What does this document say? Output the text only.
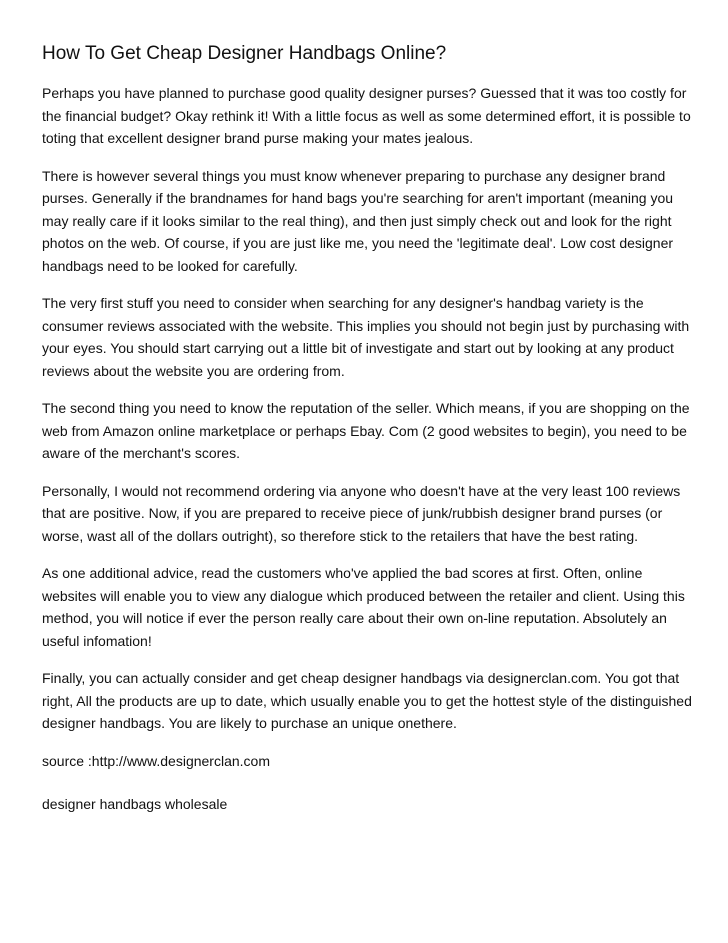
How To Get Cheap Designer Handbags Online?

Perhaps you have planned to purchase good quality designer purses? Guessed that it was too costly for the financial budget? Okay rethink it! With a little focus as well as some determined effort, it is possible to toting that excellent designer brand purse making your mates jealous.

There is however several things you must know whenever preparing to purchase any designer brand purses. Generally if the brandnames for hand bags you're searching for aren't important (meaning you may really care if it looks similar to the real thing), and then just simply check out and look for the right photos on the web. Of course, if you are just like me, you need the 'legitimate deal'. Low cost designer handbags need to be looked for carefully.

The very first stuff you need to consider when searching for any designer's handbag variety is the consumer reviews associated with the website. This implies you should not begin just by purchasing with your eyes. You should start carrying out a little bit of investigate and start out by looking at any product reviews about the website you are ordering from.

The second thing you need to know the reputation of the seller. Which means, if you are shopping on the web from Amazon online marketplace or perhaps Ebay. Com (2 good websites to begin), you need to be aware of the merchant's scores.

Personally, I would not recommend ordering via anyone who doesn't have at the very least 100 reviews that are positive. Now, if you are prepared to receive piece of junk/rubbish designer brand purses (or worse, wast all of the dollars outright), so therefore stick to the retailers that have the best rating.

As one additional advice, read the customers who've applied the bad scores at first. Often, online websites will enable you to view any dialogue which produced between the retailer and client. Using this method, you will notice if ever the person really care about their own on-line reputation. Absolutely an useful infomation!

Finally, you can actually consider and get cheap designer handbags via designerclan.com. You got that right, All the products are up to date, which usually enable you to get the hottest style of the distinguished designer handbags. You are likely to purchase an unique onethere.

source :http://www.designerclan.com

designer handbags wholesale
